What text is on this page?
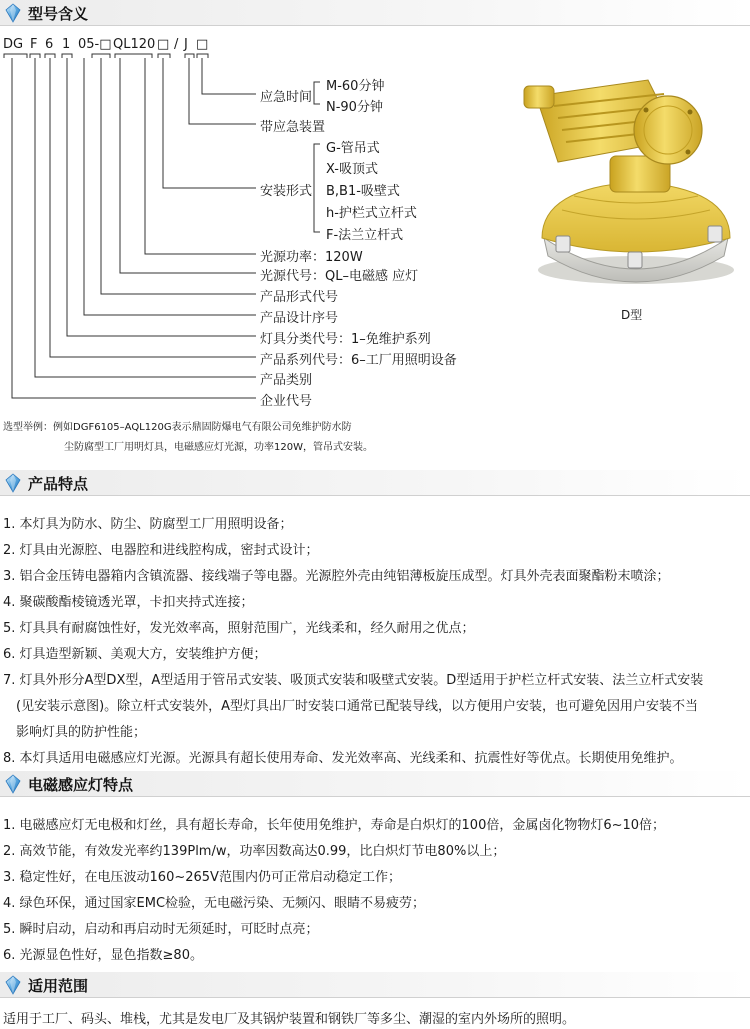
型号含义
DG F 6 1 05-□ QL120 □ / J □
应急时间
M-60分钟
N-90分钟
带应急装置
安装形式
G-管吊式
X-吸顶式
B,B1-吸壁式
h-护栏式立杆式
F-法兰立杆式
光源功率：120W
光源代号：QL–电磁感 应灯
产品形式代号
产品设计序号
灯具分类代号：1–免维护系列
产品系列代号：6–工厂用照明设备
产品类别
企业代号
D型
选型举例：例如DGF6105–AQL120G表示鼎固防爆电气有限公司免维护防水防
尘防腐型工厂用明灯具，电磁感应灯光源，功率120W，管吊式安装。
产品特点
1. 本灯具为防水、防尘、防腐型工厂用照明设备；
2. 灯具由光源腔、电器腔和进线腔构成，密封式设计；
3. 铝合金压铸电器箱内含镇流器、接线端子等电器。光源腔外壳由纯铝薄板旋压成型。灯具外壳表面聚酯粉末喷涂；
4. 聚碳酸酯棱镜透光罩，卡扣夹持式连接；
5. 灯具具有耐腐蚀性好，发光效率高，照射范围广，光线柔和，经久耐用之优点；
6. 灯具造型新颖、美观大方，安装维护方便；
7. 灯具外形分A型DX型，A型适用于管吊式安装、吸顶式安装和吸壁式安装。D型适用于护栏立杆式安装、法兰立杆式安装
(见安装示意图)。除立杆式安装外，A型灯具出厂时安装口通常已配装导线，以方便用户安装，也可避免因用户安装不当
影响灯具的防护性能；
8. 本灯具适用电磁感应灯光源。光源具有超长使用寿命、发光效率高、光线柔和、抗震性好等优点。长期使用免维护。
电磁感应灯特点
1. 电磁感应灯无电极和灯丝，具有超长寿命，长年使用免维护，寿命是白炽灯的100倍，金属卤化物物灯6~10倍；
2. 高效节能，有效发光率约139Plm/w，功率因数高达0.99，比白炽灯节电80%以上；
3. 稳定性好，在电压波动160~265V范围内仍可正常启动稳定工作；
4. 绿色环保，通过国家EMC检验，无电磁污染、无频闪、眼睛不易疲劳；
5. 瞬时启动，启动和再启动时无须延时，可眨时点亮；
6. 光源显色性好，显色指数≥80。
适用范围
适用于工厂、码头、堆栈，尤其是发电厂及其锅炉装置和钢铁厂等多尘、潮湿的室内外场所的照明。
